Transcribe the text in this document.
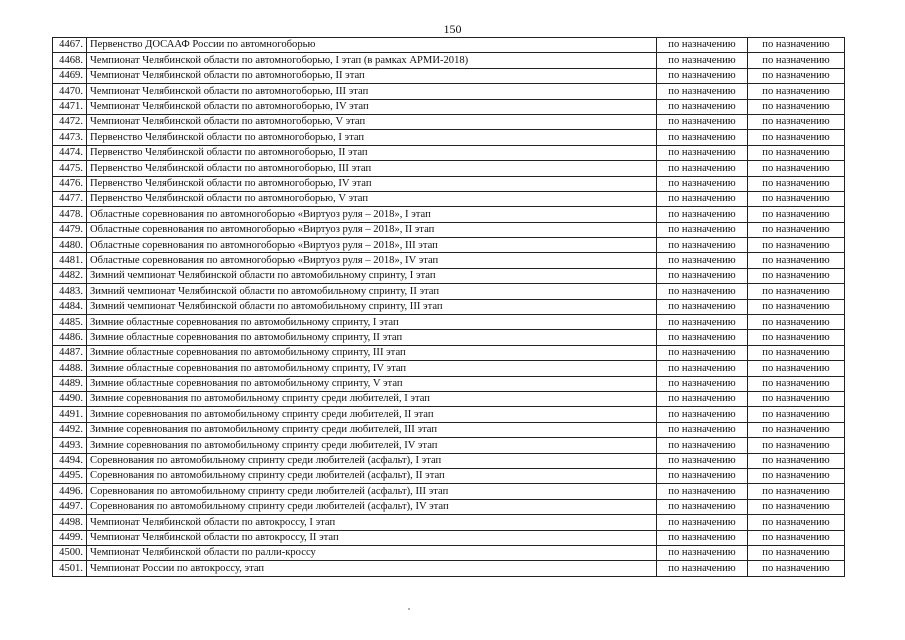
150
4467.	Первенство ДОСААФ России по автомногоборью	по назначению	по назначению
4468.	Чемпионат Челябинской области по автомногоборью, I этап (в рамках АРМИ-2018)	по назначению	по назначению
4469.	Чемпионат Челябинской области по автомногоборью, II этап	по назначению	по назначению
4470.	Чемпионат Челябинской области по автомногоборью, III этап	по назначению	по назначению
4471.	Чемпионат Челябинской области по автомногоборью, IV этап	по назначению	по назначению
4472.	Чемпионат Челябинской области по автомногоборью, V этап	по назначению	по назначению
4473.	Первенство Челябинской области по автомногоборью, I этап	по назначению	по назначению
4474.	Первенство Челябинской области по автомногоборью, II этап	по назначению	по назначению
4475.	Первенство Челябинской области по автомногоборью, III этап	по назначению	по назначению
4476.	Первенство Челябинской области по автомногоборью, IV этап	по назначению	по назначению
4477.	Первенство Челябинской области по автомногоборью, V этап	по назначению	по назначению
4478.	Областные соревнования по автомногоборью «Виртуоз руля – 2018», I этап	по назначению	по назначению
4479.	Областные соревнования по автомногоборью «Виртуоз руля – 2018», II этап	по назначению	по назначению
4480.	Областные соревнования по автомногоборью «Виртуоз руля – 2018», III этап	по назначению	по назначению
4481.	Областные соревнования по автомногоборью «Виртуоз руля – 2018», IV этап	по назначению	по назначению
4482.	Зимний чемпионат Челябинской области по автомобильному спринту, I этап	по назначению	по назначению
4483.	Зимний чемпионат Челябинской области по автомобильному спринту, II этап	по назначению	по назначению
4484.	Зимний чемпионат Челябинской области по автомобильному спринту, III этап	по назначению	по назначению
4485.	Зимние областные соревнования по автомобильному спринту, I этап	по назначению	по назначению
4486.	Зимние областные соревнования по автомобильному спринту, II этап	по назначению	по назначению
4487.	Зимние областные соревнования по автомобильному спринту, III этап	по назначению	по назначению
4488.	Зимние областные соревнования по автомобильному спринту, IV этап	по назначению	по назначению
4489.	Зимние областные соревнования по автомобильному спринту, V этап	по назначению	по назначению
4490.	Зимние соревнования по автомобильному спринту среди любителей, I этап	по назначению	по назначению
4491.	Зимние соревнования по автомобильному спринту среди любителей, II этап	по назначению	по назначению
4492.	Зимние соревнования по автомобильному спринту среди любителей, III этап	по назначению	по назначению
4493.	Зимние соревнования по автомобильному спринту среди любителей, IV этап	по назначению	по назначению
4494.	Соревнования по автомобильному спринту среди любителей (асфальт), I этап	по назначению	по назначению
4495.	Соревнования по автомобильному спринту среди любителей (асфальт), II этап	по назначению	по назначению
4496.	Соревнования по автомобильному спринту среди любителей (асфальт), III этап	по назначению	по назначению
4497.	Соревнования по автомобильному спринту среди любителей (асфальт), IV этап	по назначению	по назначению
4498.	Чемпионат Челябинской области по автокроссу, I этап	по назначению	по назначению
4499.	Чемпионат Челябинской области по автокроссу, II этап	по назначению	по назначению
4500.	Чемпионат Челябинской области по ралли-кроссу	по назначению	по назначению
4501.	Чемпионат России по автокроссу, этап	по назначению	по назначению
